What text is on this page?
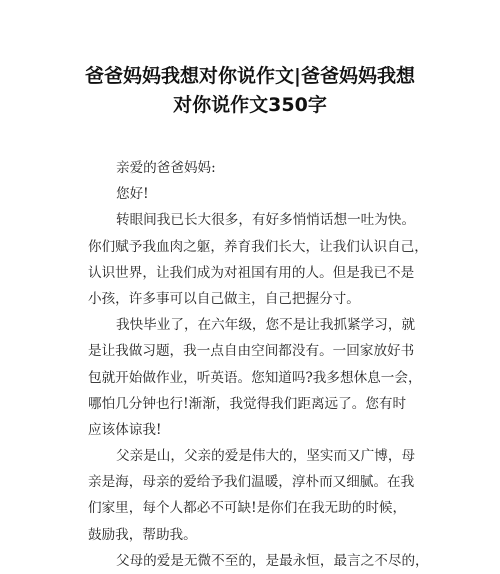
爸爸妈妈我想对你说作文|爸爸妈妈我想
对你说作文350字
亲爱的爸爸妈妈:
您好!
转眼间我已长大很多，有好多悄悄话想一吐为快。
你们赋予我血肉之躯，养育我们长大，让我们认识自己，
认识世界，让我们成为对祖国有用的人。但是我已不是
小孩，许多事可以自己做主，自己把握分寸。
我快毕业了，在六年级，您不是让我抓紧学习，就
是让我做习题，我一点自由空间都没有。一回家放好书
包就开始做作业，听英语。您知道吗?我多想休息一会，
哪怕几分钟也行!渐渐，我觉得我们距离远了。您有时
应该体谅我!
父亲是山，父亲的爱是伟大的，坚实而又广博，母
亲是海，母亲的爱给予我们温暖，淳朴而又细腻。在我
们家里，每个人都必不可缺!是你们在我无助的时候，
鼓励我，帮助我。
父母的爱是无微不至的，是最永恒，最言之不尽的，
